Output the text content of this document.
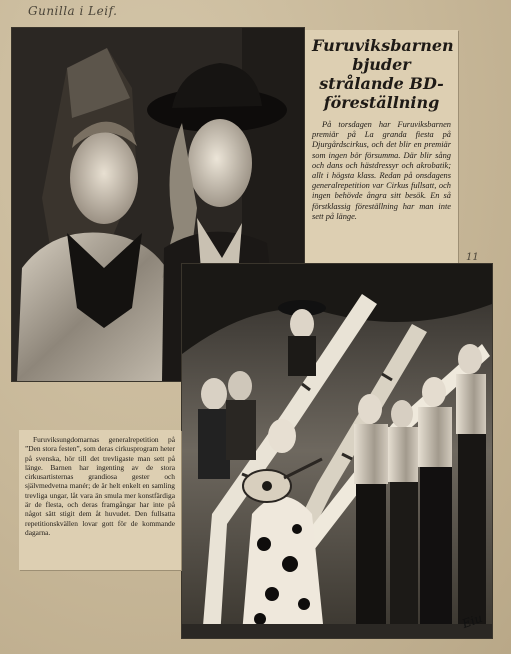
Gunilla i Leif.
Furuviksbarnen bjuder strålande BD-föreställning

På torsdagen har Furuviksbarnen premiär på La granda fiesta på Djurgårdscirkus, och det blir en premiär som ingen bör försumma. Där blir sång och dans och hästdressyr och akrobatik; allt i högsta klass. Redan på onsdagens generalrepetition var Cirkus fullsatt, och ingen behövde ångra sitt besök. En så förstklassig föreställning har man inte sett på länge.

11
Eiu

Furuviksungdomarnas generalrepetition på ”Den stora festen”, som deras cirkusprogram heter på svenska, hör till det trevligaste man sett på länge. Barnen har ingenting av de stora cirkusartisternas grandiosa gester och självmedvetna manér; de är helt enkelt en samling trevliga ungar, låt vara än smula mer konstfärdiga är de flesta, och deras framgångar har inte på något sätt stigit dem åt huvudet. Den fullsatta repetitionskvällen lovar gott för de kommande dagarna.
